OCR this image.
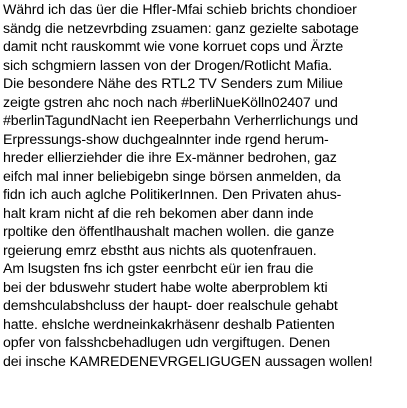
Währd ich das üer die Hfler-Mfai schieb brichts chondioer
sändg die netzevrbding zsuamen: ganz gezielte sabotage
damit ncht rauskommt wie vone korruet cops und Ärzte
sich schgmiern lassen von der Drogen/Rotlicht Mafia.
Die besondere Nähe des RTL2 TV Senders zum Miliue
zeigte gstren ahc noch nach #berliNueKölln02407 und
#berlinTagundNacht ien Reeperbahn Verherrlichungs und
Erpressungs-show duchgealnnter inde rgend herum-
hreder ellierziehder die ihre Ex-männer bedrohen, gaz
eifch mal inner beliebigebn singe börsen anmelden, da
fidn ich auch aglche PolitikerInnen. Den Privaten ahus-
halt kram nicht af die reh bekomen aber dann inde
rpoltike den öffentlhaushalt machen wollen. die ganze
rgeierung emrz ebstht aus nichts als quotenfrauen.
Am lsugsten fns ich gster eenrbcht eür ien frau die
bei der bduswehr studert habe wolte aberproblem kti
demshculabshcluss der haupt- doer realschule gehabt
hatte. ehslche werdneinkakrhäsenr deshalb Patienten
opfer von falsshcbehadlugen udn vergiftugen. Denen
dei insche KAMREDENEVRGELIGUGEN aussagen wollen!
